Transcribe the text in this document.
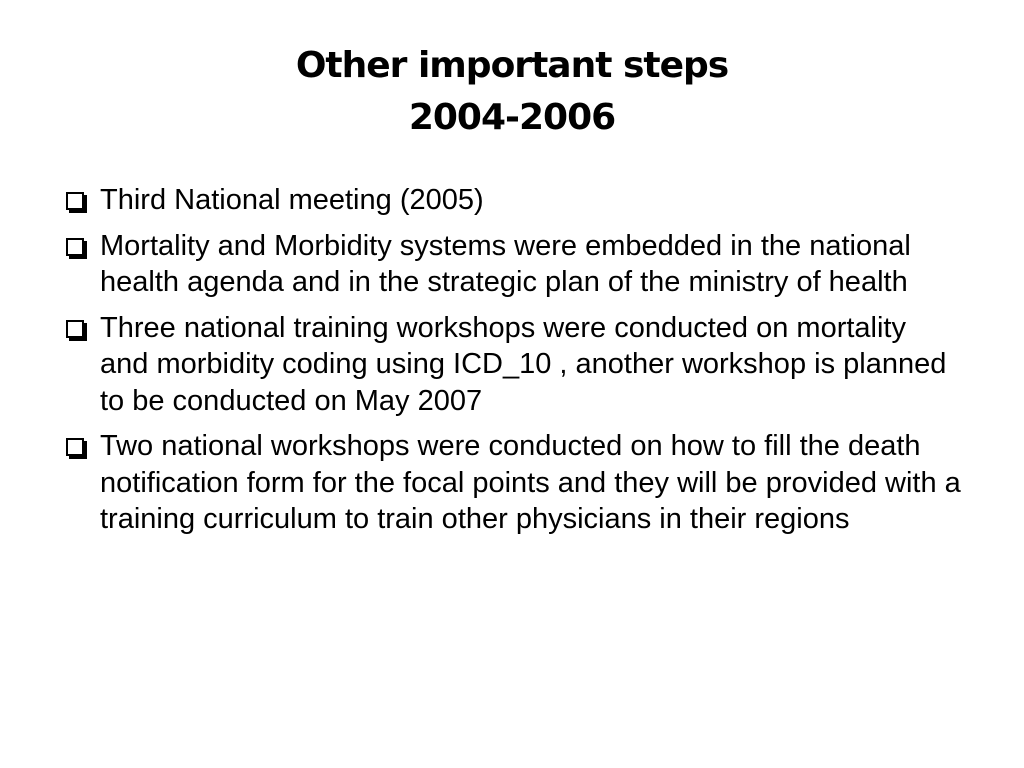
Other important steps
2004-2006
Third National meeting (2005)
Mortality and Morbidity systems were embedded in the national health agenda and in the strategic plan of the ministry of health
Three national training workshops were conducted on mortality and morbidity coding using ICD_10 , another workshop is planned to be conducted on May 2007
Two national workshops were conducted on how to fill the death notification form for the focal points and they will be provided with a training curriculum to train other physicians in their regions
